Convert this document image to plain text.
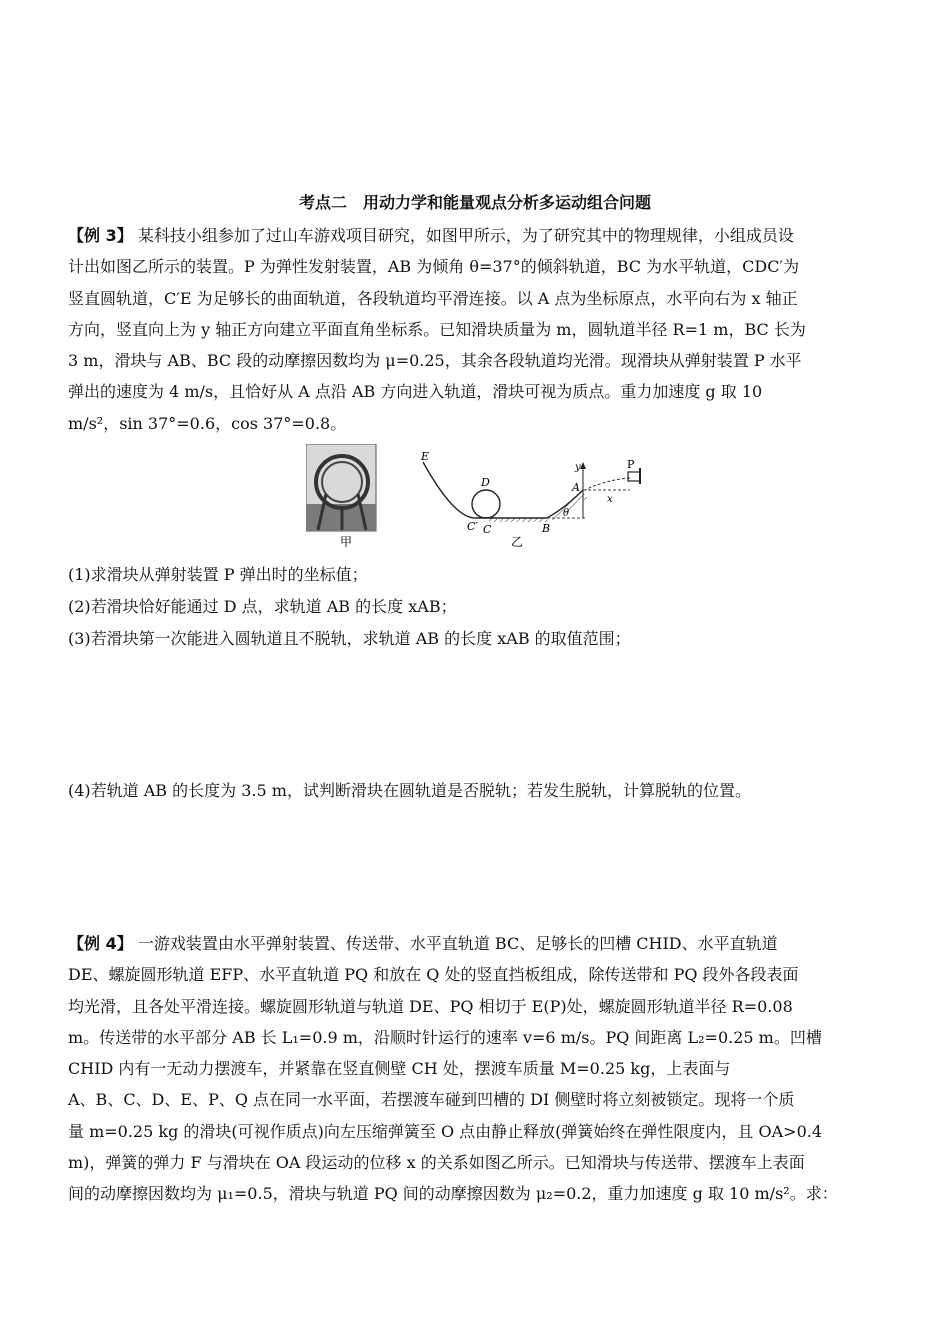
考点二　用动力学和能量观点分析多运动组合问题

【例 3】 某科技小组参加了过山车游戏项目研究，如图甲所示，为了研究其中的物理规律，小组成员设

计出如图乙所示的装置。P 为弹性发射装置，AB 为倾角 θ=37°的倾斜轨道，BC 为水平轨道，CDC′为

竖直圆轨道，C′E 为足够长的曲面轨道，各段轨道均平滑连接。以 A 点为坐标原点，水平向右为 x 轴正

方向，竖直向上为 y 轴正方向建立平面直角坐标系。已知滑块质量为 m，圆轨道半径 R=1 m，BC 长为

3 m，滑块与 AB、BC 段的动摩擦因数均为 μ=0.25，其余各段轨道均光滑。现滑块从弹射装置 P 水平

弹出的速度为 4 m/s，且恰好从 A 点沿 AB 方向进入轨道，滑块可视为质点。重力加速度 g 取 10

m/s²，sin 37°=0.6，cos 37°=0.8。

甲
E
D
C′ C	B
A
P
y
x
θ
乙
(1)求滑块从弹射装置 P 弹出时的坐标值；
(2)若滑块恰好能通过 D 点，求轨道 AB 的长度 xAB；
(3)若滑块第一次能进入圆轨道且不脱轨，求轨道 AB 的长度 xAB 的取值范围；
(4)若轨道 AB 的长度为 3.5 m，试判断滑块在圆轨道是否脱轨；若发生脱轨，计算脱轨的位置。

【例 4】 一游戏装置由水平弹射装置、传送带、水平直轨道 BC、足够长的凹槽 CHID、水平直轨道

DE、螺旋圆形轨道 EFP、水平直轨道 PQ 和放在 Q 处的竖直挡板组成，除传送带和 PQ 段外各段表面

均光滑，且各处平滑连接。螺旋圆形轨道与轨道 DE、PQ 相切于 E(P)处，螺旋圆形轨道半径 R=0.08

m。传送带的水平部分 AB 长 L₁=0.9 m，沿顺时针运行的速率 v=6 m/s。PQ 间距离 L₂=0.25 m。凹槽

CHID 内有一无动力摆渡车，并紧靠在竖直侧壁 CH 处，摆渡车质量 M=0.25 kg，上表面与

A、B、C、D、E、P、Q 点在同一水平面，若摆渡车碰到凹槽的 DI 侧壁时将立刻被锁定。现将一个质

量 m=0.25 kg 的滑块(可视作质点)向左压缩弹簧至 O 点由静止释放(弹簧始终在弹性限度内，且 OA>0.4

m)，弹簧的弹力 F 与滑块在 OA 段运动的位移 x 的关系如图乙所示。已知滑块与传送带、摆渡车上表面

间的动摩擦因数均为 μ₁=0.5，滑块与轨道 PQ 间的动摩擦因数为 μ₂=0.2，重力加速度 g 取 10 m/s²。求：
